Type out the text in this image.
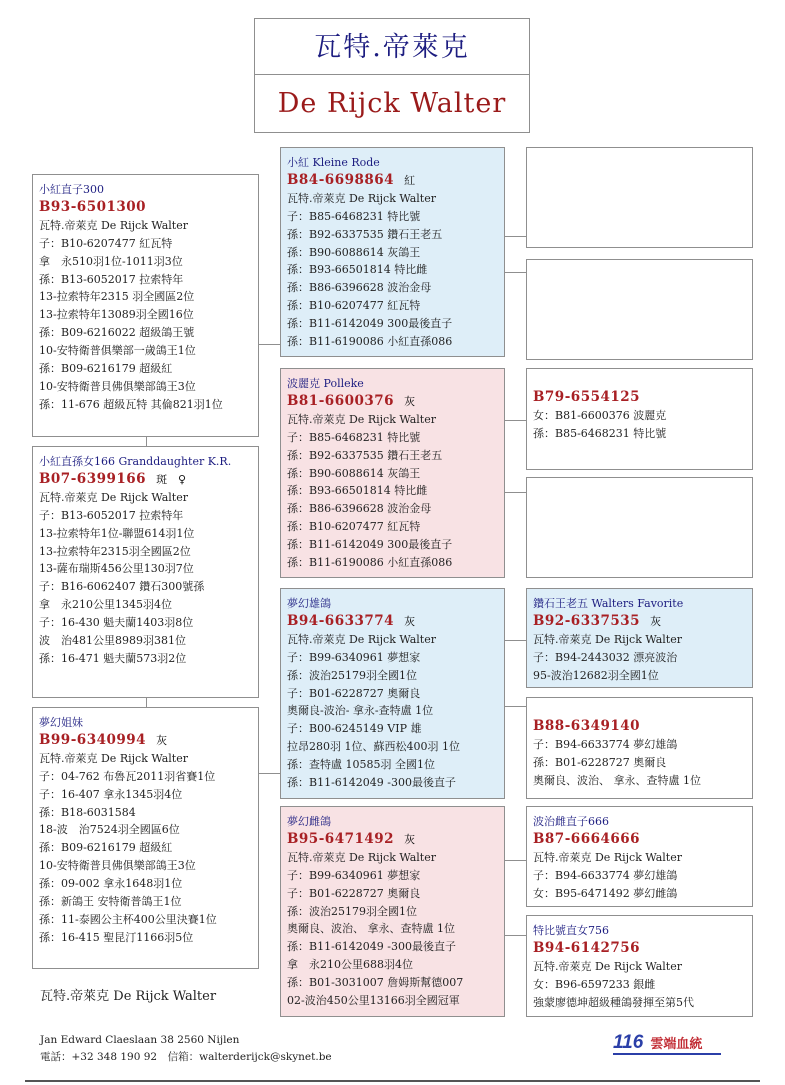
瓦特.帝萊克
De Rijck Walter
小紅直子300
B93-6501300
瓦特.帝萊克 De Rijck Walter
子：B10-6207477 紅瓦特
拿　永510羽1位-1011羽3位
孫：B13-6052017 拉索特年
13-拉索特年2315 羽全國區2位
13-拉索特年13089羽全國16位
孫：B09-6216022 超級鴿王號
10-安特衛普俱樂部一歲鴿王1位
孫：B09-6216179 超級紅
10-安特衛普貝佛俱樂部鴿王3位
孫：11-676 超級瓦特 其倫821羽1位
小紅 Kleine Rode
B84-6698864 紅
瓦特.帝萊克 De Rijck Walter
子：B85-6468231 特比號
孫：B92-6337535 鑽石王老五
孫：B90-6088614 灰鴿王
孫：B93-66501814 特比雌
孫：B86-6396628 波治金母
孫：B10-6207477 紅瓦特
孫：B11-6142049 300最後直子
孫：B11-6190086 小紅直孫086
波麗克 Polleke
B81-6600376 灰
瓦特.帝萊克 De Rijck Walter
子：B85-6468231 特比號
孫：B92-6337535 鑽石王老五
孫：B90-6088614 灰鴿王
孫：B93-66501814 特比雌
孫：B86-6396628 波治金母
孫：B10-6207477 紅瓦特
孫：B11-6142049 300最後直子
孫：B11-6190086 小紅直孫086
B79-6554125
女：B81-6600376 波麗克
孫：B85-6468231 特比號
小紅直孫女166 Granddaughter K.R.
B07-6399166 斑　♀
瓦特.帝萊克 De Rijck Walter
子：B13-6052017 拉索特年
13-拉索特年1位-聯盟614羽1位
13-拉索特年2315羽全國區2位
13-薩布瑞斯456公里130羽7位
子：B16-6062407 鑽石300號孫
拿　永210公里1345羽4位
子：16-430 魁夫蘭1403羽8位
波　治481公里8989羽381位
孫：16-471 魁夫蘭573羽2位
夢幻姐妹
B99-6340994 灰
瓦特.帝萊克 De Rijck Walter
子：04-762 布魯瓦2011羽省賽1位
子：16-407 拿永1345羽4位
孫：B18-6031584
18-波　治7524羽全國區6位
孫：B09-6216179 超級紅
10-安特衛普貝佛俱樂部鴿王3位
孫：09-002 拿永1648羽1位
孫：新鴿王 安特衛普鴿王1位
孫：11-泰國公主杯400公里決賽1位
孫：16-415 聖昆汀1166羽5位
夢幻雄鴿
B94-6633774 灰
瓦特.帝萊克 De Rijck Walter
子：B99-6340961 夢想家
孫：波治25179羽全國1位
子：B01-6228727 奧爾良
奧爾良-波治- 拿永-查特盧 1位
子：B00-6245149 VIP 雄
拉昂280羽 1位、蘇西松400羽 1位
孫：查特盧 10585羽 全國1位
孫：B11-6142049 -300最後直子
夢幻雌鴿
B95-6471492 灰
瓦特.帝萊克 De Rijck Walter
子：B99-6340961 夢想家
子：B01-6228727 奧爾良
孫：波治25179羽全國1位
奧爾良、波治、 拿永、查特盧 1位
孫：B11-6142049 -300最後直子
拿　永210公里688羽4位
孫：B01-3031007 詹姆斯幫德007
02-波治450公里13166羽全國冠軍
鑽石王老五 Walters Favorite
B92-6337535 灰
瓦特.帝萊克 De Rijck Walter
子：B94-2443032 漂亮波治
95-波治12682羽全國1位
B88-6349140
子：B94-6633774 夢幻雄鴿
孫：B01-6228727 奧爾良
奧爾良、波治、 拿永、查特盧 1位
波治雌直子666
B87-6664666
瓦特.帝萊克 De Rijck Walter
子：B94-6633774 夢幻雄鴿
女：B95-6471492 夢幻雌鴿
特比號直女756
B94-6142756
瓦特.帝萊克 De Rijck Walter
女：B96-6597233 銀雌
強蒙廖德坤超級種鴿發揮至第5代
瓦特.帝萊克 De Rijck Walter
Jan Edward Claeslaan 38 2560 Nijlen
電話：+32 348 190 92　信箱：walterderijck@skynet.be
116 雲端血統
